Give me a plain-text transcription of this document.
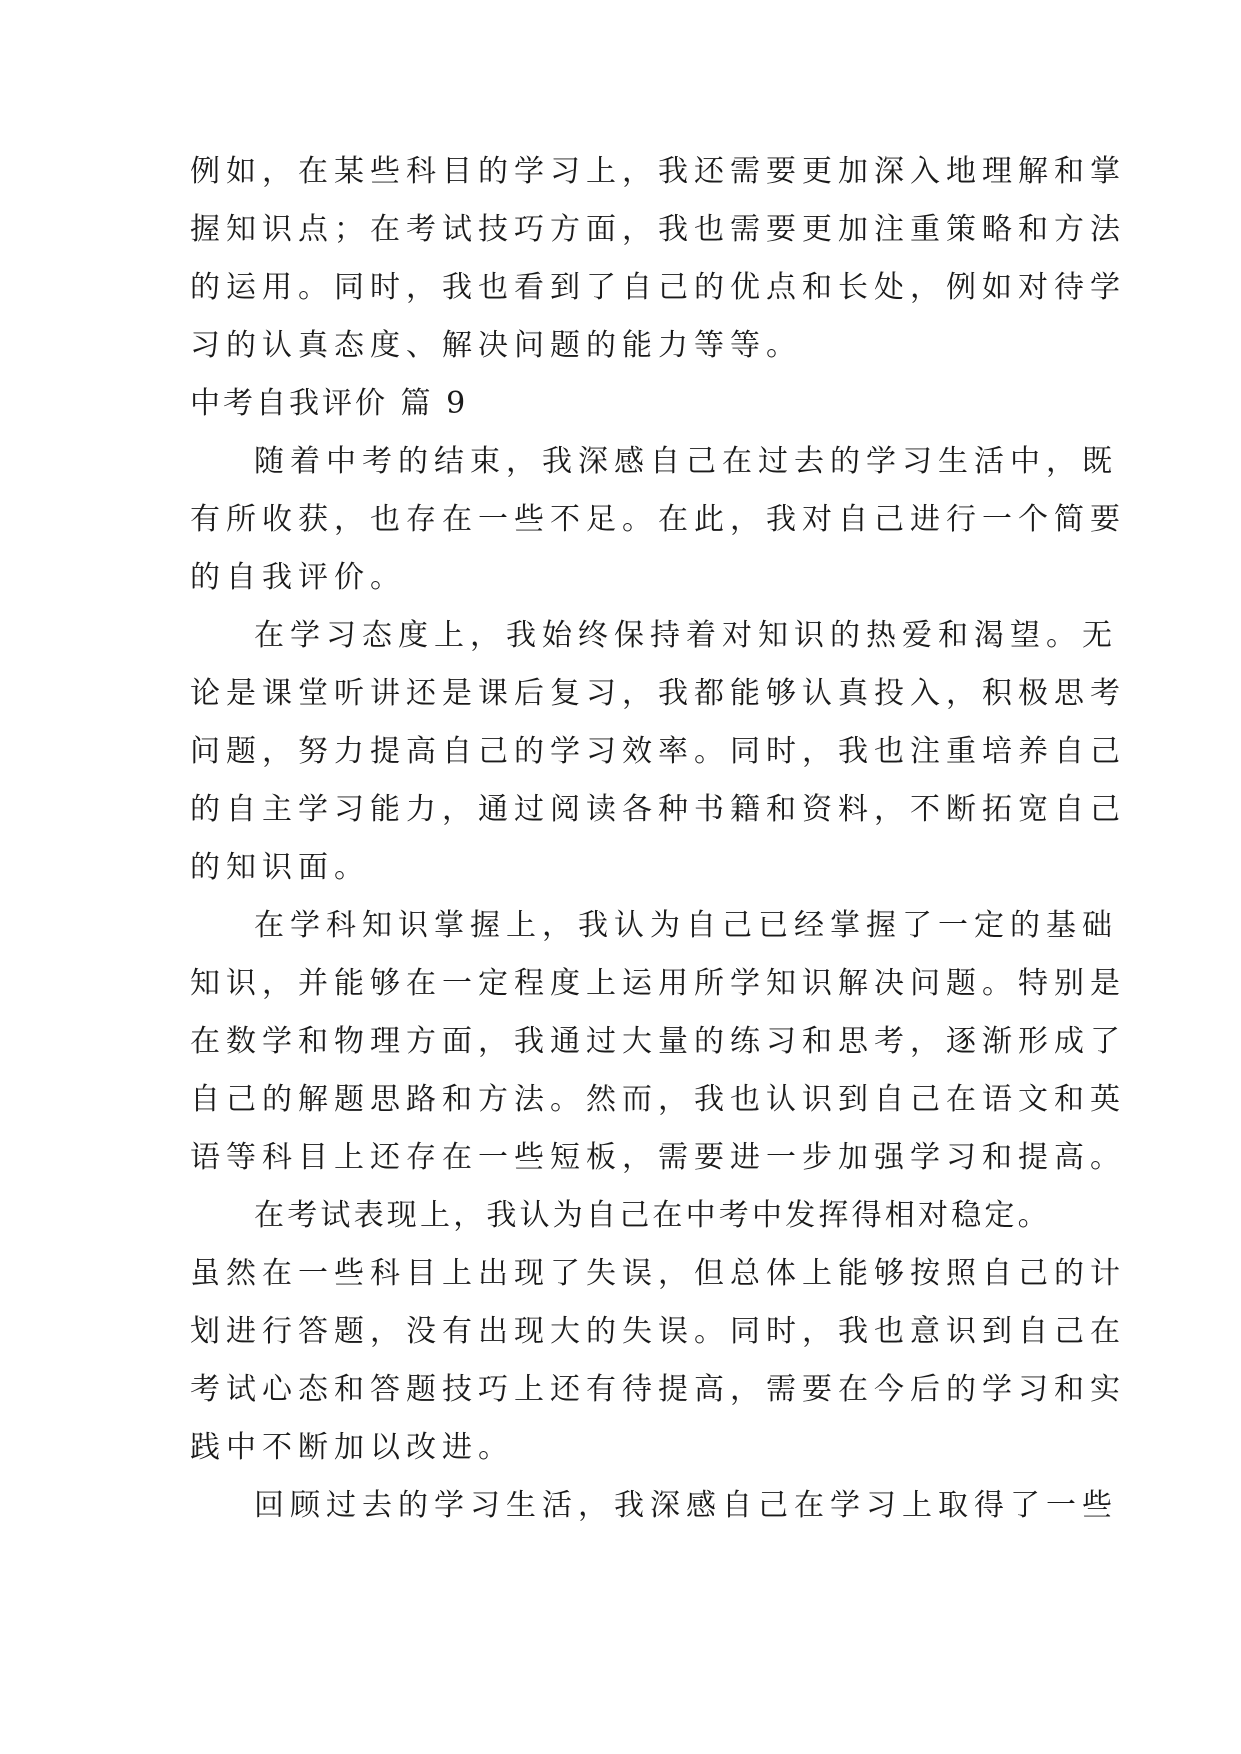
例如，在某些科目的学习上，我还需要更加深入地理解和掌
握知识点；在考试技巧方面，我也需要更加注重策略和方法
的运用。同时，我也看到了自己的优点和长处，例如对待学
习的认真态度、解决问题的能力等等。
中考自我评价 篇 9
随着中考的结束，我深感自己在过去的学习生活中，既
有所收获，也存在一些不足。在此，我对自己进行一个简要
的自我评价。
在学习态度上，我始终保持着对知识的热爱和渴望。无
论是课堂听讲还是课后复习，我都能够认真投入，积极思考
问题，努力提高自己的学习效率。同时，我也注重培养自己
的自主学习能力，通过阅读各种书籍和资料，不断拓宽自己
的知识面。
在学科知识掌握上，我认为自己已经掌握了一定的基础
知识，并能够在一定程度上运用所学知识解决问题。特别是
在数学和物理方面，我通过大量的练习和思考，逐渐形成了
自己的解题思路和方法。然而，我也认识到自己在语文和英
语等科目上还存在一些短板，需要进一步加强学习和提高。
在考试表现上，我认为自己在中考中发挥得相对稳定。
虽然在一些科目上出现了失误，但总体上能够按照自己的计
划进行答题，没有出现大的失误。同时，我也意识到自己在
考试心态和答题技巧上还有待提高，需要在今后的学习和实
践中不断加以改进。
回顾过去的学习生活，我深感自己在学习上取得了一些
